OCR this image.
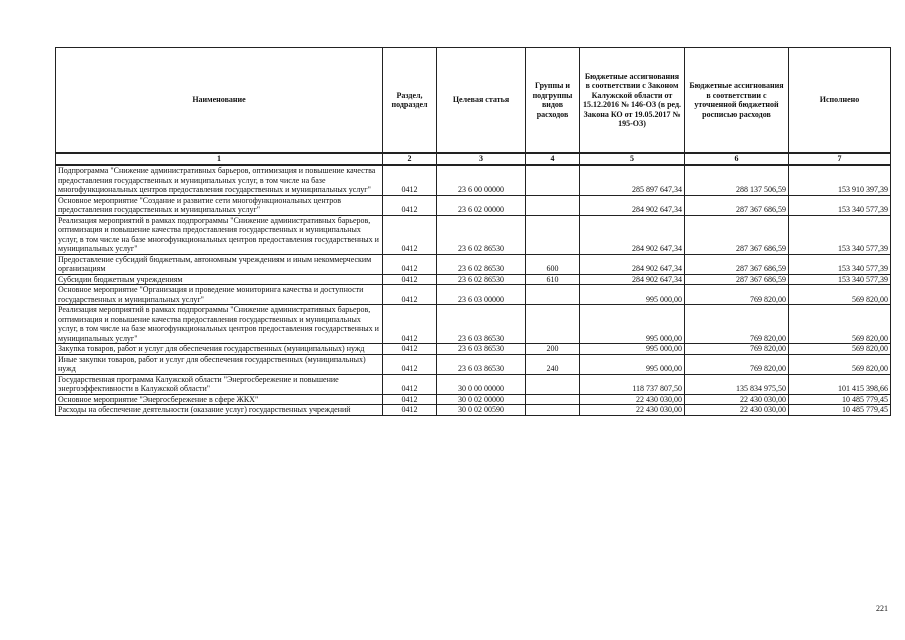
Наименование	Раздел, подраздел	Целевая статья	Группы и подгруппы видов расходов	Бюджетные ассигнования в соответствии с Законом Калужской области от 15.12.2016 № 146-ОЗ (в ред. Закона КО от 19.05.2017 № 195-ОЗ)	Бюджетные ассигнования в соответствии с уточненной бюджетной росписью расходов	Исполнено
1	2	3	4	5	6	7
Подпрограмма "Снижение административных барьеров, оптимизация и повышение качества предоставления государственных и муниципальных услуг, в том числе на базе многофункциональных центров предоставления государственных и муниципальных услуг"	0412	23 6 00 00000		285 897 647,34	288 137 506,59	153 910 397,39
Основное мероприятие "Создание и развитие сети многофункциональных центров предоставления государственных и муниципальных услуг"	0412	23 6 02 00000		284 902 647,34	287 367 686,59	153 340 577,39
Реализация мероприятий в рамках подпрограммы "Снижение административных барьеров, оптимизация и повышение качества предоставления государственных и муниципальных услуг, в том числе на базе многофункциональных центров предоставления государственных и муниципальных услуг"	0412	23 6 02 86530		284 902 647,34	287 367 686,59	153 340 577,39
Предоставление субсидий бюджетным, автономным учреждениям и иным некоммерческим организациям	0412	23 6 02 86530	600	284 902 647,34	287 367 686,59	153 340 577,39
Субсидии бюджетным учреждениям	0412	23 6 02 86530	610	284 902 647,34	287 367 686,59	153 340 577,39
Основное мероприятие "Организация и проведение мониторинга качества и доступности государственных и муниципальных услуг"	0412	23 6 03 00000		995 000,00	769 820,00	569 820,00
Реализация мероприятий в рамках подпрограммы "Снижение административных барьеров, оптимизация и повышение качества предоставления государственных и муниципальных услуг, в том числе на базе многофункциональных центров предоставления государственных и муниципальных услуг"	0412	23 6 03 86530		995 000,00	769 820,00	569 820,00
Закупка товаров, работ и услуг для обеспечения государственных (муниципальных) нужд	0412	23 6 03 86530	200	995 000,00	769 820,00	569 820,00
Иные закупки товаров, работ и услуг для обеспечения государственных (муниципальных) нужд	0412	23 6 03 86530	240	995 000,00	769 820,00	569 820,00
Государственная программа Калужской области "Энергосбережение и повышение энергоэффективности в Калужской области"	0412	30 0 00 00000		118 737 807,50	135 834 975,50	101 415 398,66
Основное мероприятие "Энергосбережение в сфере ЖКХ"	0412	30 0 02 00000		22 430 030,00	22 430 030,00	10 485 779,45
Расходы на обеспечение деятельности (оказание услуг) государственных учреждений	0412	30 0 02 00590		22 430 030,00	22 430 030,00	10 485 779,45
221
